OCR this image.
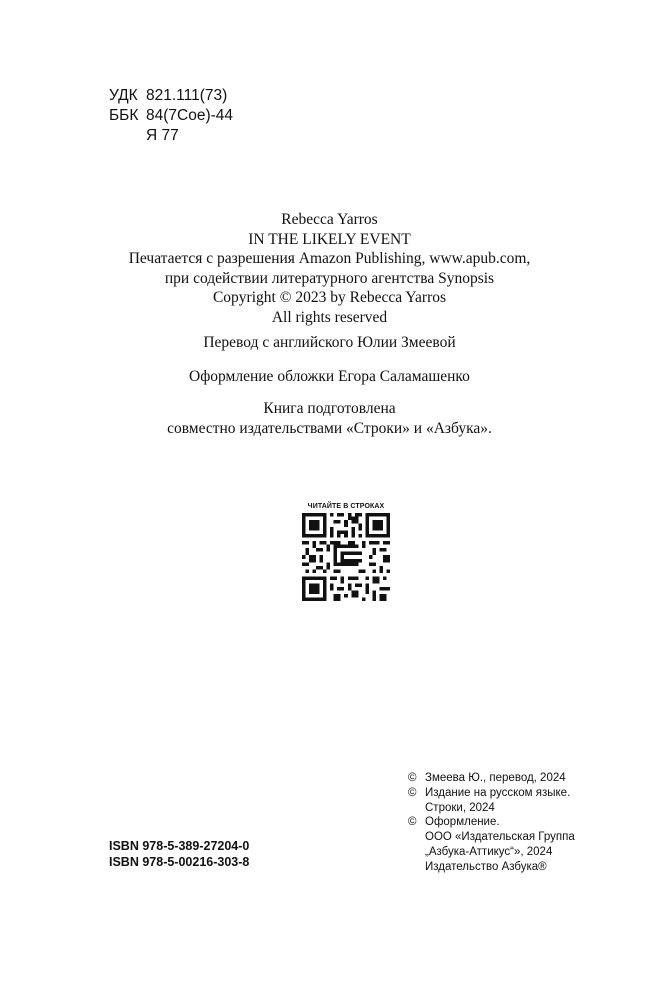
УДК 821.111(73)
ББК 84(7Сое)-44
Я 77
Rebecca Yarros
IN THE LIKELY EVENT
Печатается с разрешения Amazon Publishing, www.apub.com,
при содействии литературного агентства Synopsis
Copyright © 2023 by Rebecca Yarros
All rights reserved
Перевод с английского Юлии Змеевой
Оформление обложки Егора Саламашенко
Книга подготовлена
совместно издательствами «Строки» и «Азбука».
ЧИТАЙТЕ В СТРОКАХ
ISBN 978-5-389-27204-0
ISBN 978-5-00216-303-8
© Змеева Ю., перевод, 2024
© Издание на русском языке.
Строки, 2024
© Оформление.
ООО «Издательская Группа
„Азбука-Аттикус“», 2024
Издательство Азбука®
